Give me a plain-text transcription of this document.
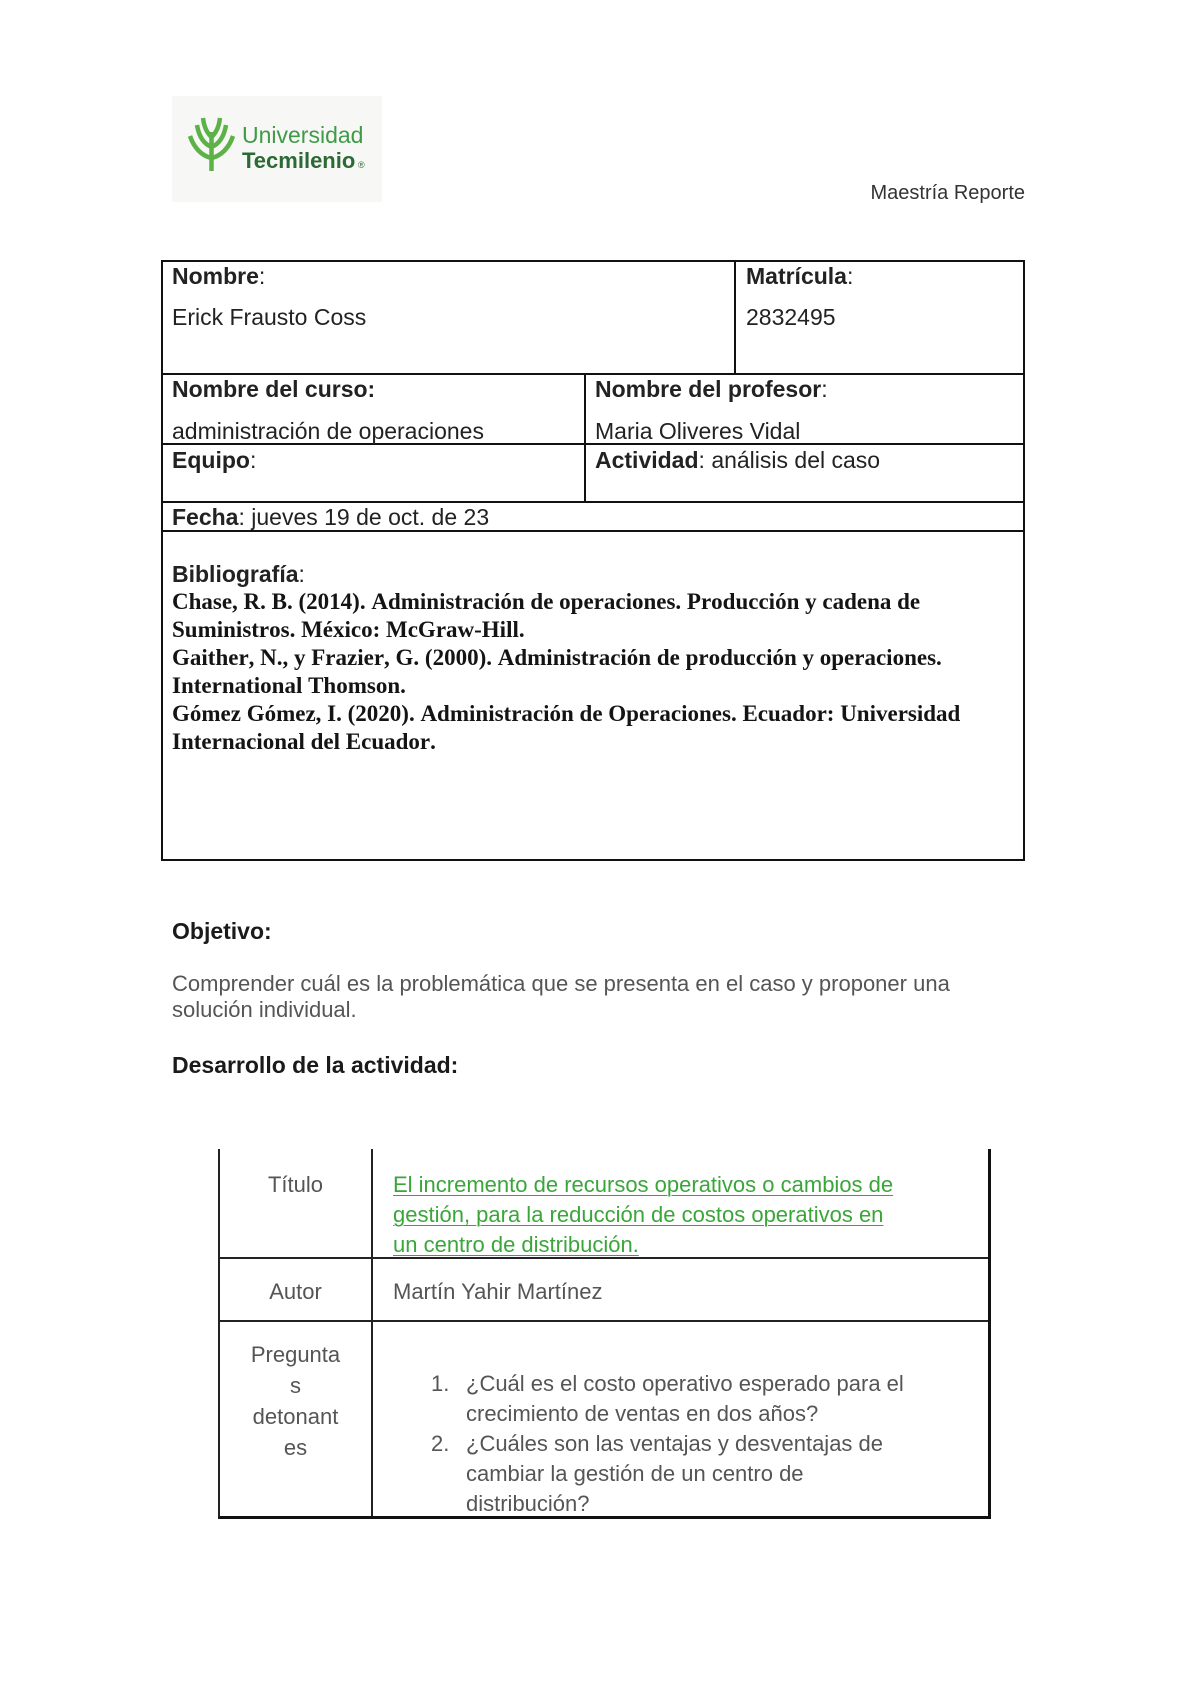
Universidad
Tecmilenio ®
Maestría Reporte
Nombre:
Erick Frausto Coss
Matrícula:
2832495
Nombre del curso:
administración de operaciones
Nombre del profesor:
Maria Oliveres Vidal
Equipo:	Actividad: análisis del caso
Fecha: jueves 19 de oct. de 23
Bibliografía:
Chase, R. B. (2014). Administración de operaciones. Producción y cadena de Suministros. México: McGraw-Hill.
Gaither, N., y Frazier, G. (2000). Administración de producción y operaciones. International Thomson.
Gómez Gómez, I. (2020). Administración de Operaciones. Ecuador: Universidad Internacional del Ecuador.
Objetivo:
Comprender cuál es la problemática que se presenta en el caso y proponer una solución individual.
Desarrollo de la actividad:
Título	El incremento de recursos operativos o cambios de gestión, para la reducción de costos operativos en un centro de distribución.
Autor	Martín Yahir Martínez
Preguntas detonantes
1. ¿Cuál es el costo operativo esperado para el crecimiento de ventas en dos años?
2. ¿Cuáles son las ventajas y desventajas de cambiar la gestión de un centro de distribución?
